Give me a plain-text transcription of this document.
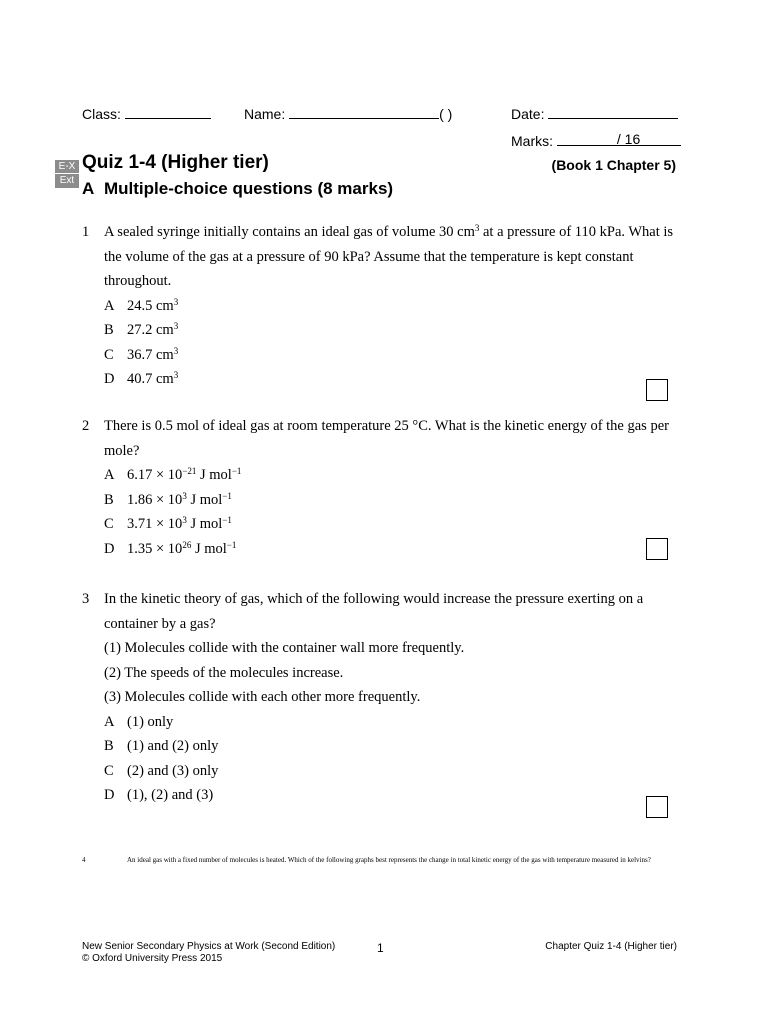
Class:	Name:	( )	Date:
Marks:	/ 16
E-X
Ext
Quiz 1-4 (Higher tier)	(Book 1 Chapter 5)
A Multiple-choice questions (8 marks)
1	A sealed syringe initially contains an ideal gas of volume 30 $cm^3$ at a pressure of 110 kPa. What is the volume of the gas at a pressure of 90 kPa? Assume that the temperature is kept constant throughout.
A 24.5 $cm^3$
B 27.2 $cm^3$
C 36.7 $cm^3$
D 40.7 $cm^3$
2	There is 0.5 mol of ideal gas at room temperature 25 °C. What is the kinetic energy of the gas per mole?
A $6.17 \times 10^{-21}$ J mol$^{-1}$
B $1.86 \times 10^3$ J mol$^{-1}$
C $3.71 \times 10^3$ J mol$^{-1}$
D $1.35 \times 10^{26}$ J mol$^{-1}$
3	In the kinetic theory of gas, which of the following would increase the pressure exerting on a container by a gas?
(1) Molecules collide with the container wall more frequently.
(2) The speeds of the molecules increase.
(3) Molecules collide with each other more frequently.
A (1) only
B (1) and (2) only
C (2) and (3) only
D (1), (2) and (3)
4	An ideal gas with a fixed number of molecules is heated. Which of the following graphs best represents the change in total kinetic energy of the gas with temperature measured in kelvins?
New Senior Secondary Physics at Work (Second Edition)
© Oxford University Press 2015
1	Chapter Quiz 1-4 (Higher tier)
